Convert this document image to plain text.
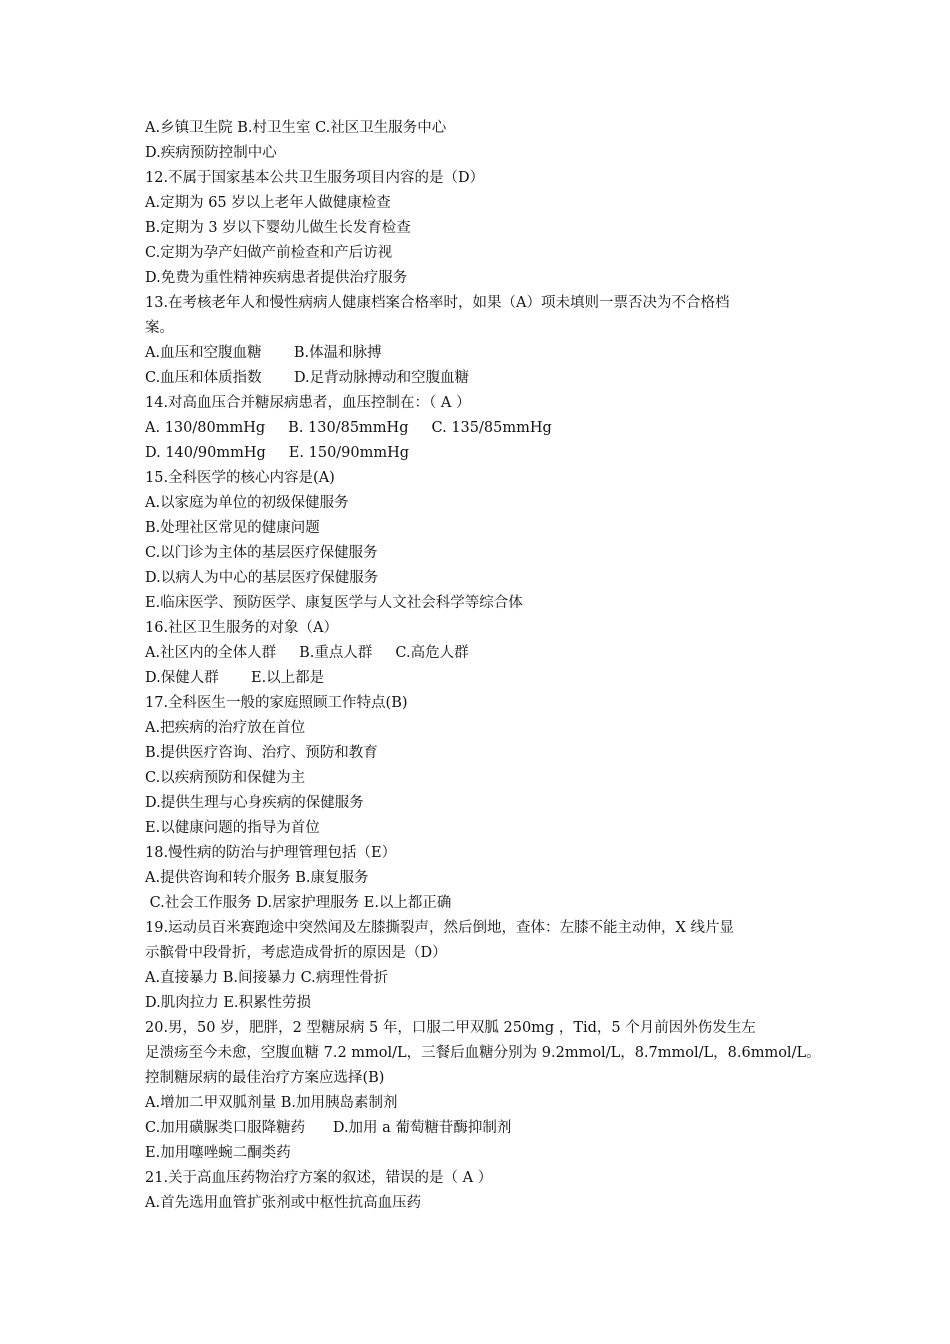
A.乡镇卫生院 B.村卫生室 C.社区卫生服务中心
D.疾病预防控制中心
12.不属于国家基本公共卫生服务项目内容的是（D）
A.定期为 65 岁以上老年人做健康检查
B.定期为 3 岁以下婴幼儿做生长发育检查
C.定期为孕产妇做产前检查和产后访视
D.免费为重性精神疾病患者提供治疗服务
13.在考核老年人和慢性病病人健康档案合格率时，如果（A）项未填则一票否决为不合格档
案。
A.血压和空腹血糖       B.体温和脉搏
C.血压和体质指数       D.足背动脉搏动和空腹血糖
14.对高血压合并糖尿病患者，血压控制在：（ A ）
A. 130/80mmHg     B. 130/85mmHg     C. 135/85mmHg
D. 140/90mmHg     E. 150/90mmHg
15.全科医学的核心内容是(A)
A.以家庭为单位的初级保健服务
B.处理社区常见的健康问题
C.以门诊为主体的基层医疗保健服务
D.以病人为中心的基层医疗保健服务
E.临床医学、预防医学、康复医学与人文社会科学等综合体
16.社区卫生服务的对象（A）
A.社区内的全体人群     B.重点人群     C.高危人群
D.保健人群       E.以上都是
17.全科医生一般的家庭照顾工作特点(B)
A.把疾病的治疗放在首位
B.提供医疗咨询、治疗、预防和教育
C.以疾病预防和保健为主
D.提供生理与心身疾病的保健服务
E.以健康问题的指导为首位
18.慢性病的防治与护理管理包括（E）
A.提供咨询和转介服务 B.康复服务
C.社会工作服务 D.居家护理服务 E.以上都正确
19.运动员百米赛跑途中突然闻及左膝撕裂声，然后倒地，查体：左膝不能主动伸，X 线片显
示髌骨中段骨折，考虑造成骨折的原因是（D）
A.直接暴力 B.间接暴力 C.病理性骨折
D.肌肉拉力 E.积累性劳损
20.男，50 岁，肥胖，2 型糖尿病 5 年，口服二甲双胍 250mg ，Tid，5 个月前因外伤发生左
足溃疡至今未愈，空腹血糖 7.2 mmol/L，三餐后血糖分别为 9.2mmol/L，8.7mmol/L，8.6mmol/L。
控制糖尿病的最佳治疗方案应选择(B)
A.增加二甲双胍剂量 B.加用胰岛素制剂
C.加用磺脲类口服降糖药      D.加用 a 葡萄糖苷酶抑制剂
E.加用噻唑蜿二酮类药
21.关于高血压药物治疗方案的叙述，错误的是（ A ）
A.首先选用血管扩张剂或中枢性抗高血压药
